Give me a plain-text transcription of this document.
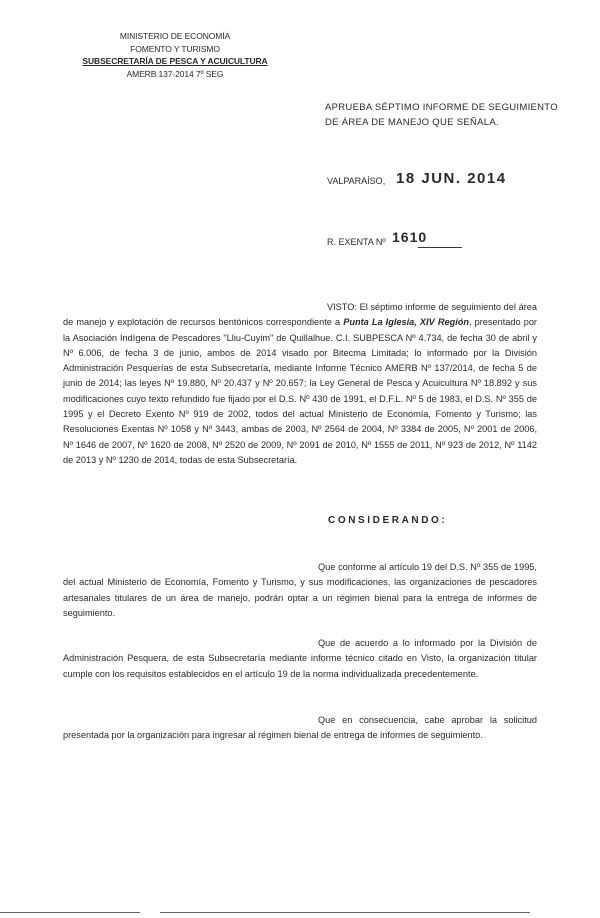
MINISTERIO DE ECONOMÍA
FOMENTO Y TURISMO
SUBSECRETARÍA DE PESCA Y ACUICULTURA
AMERB 137-2014 7º SEG
APRUEBA SÉPTIMO INFORME DE SEGUIMIENTO DE ÁREA DE MANEJO QUE SEÑALA.
VALPARAÍSO, 18 JUN. 2014
R. EXENTA Nº 1610
VISTO: El séptimo informe de seguimiento del área de manejo y explotación de recursos bentónicos correspondiente a Punta La Iglesia, XIV Región, presentado por la Asociación Indígena de Pescadores "Lliu-Cuyim" de Quillalhue. C.I. SUBPESCA Nº 4.734, de fecha 30 de abril y Nº 6.006, de fecha 3 de junio, ambos de 2014 visado por Bitecma Limitada; lo informado por la División Administración Pesquerías de esta Subsecretaría, mediante Informe Técnico AMERB Nº 137/2014, de fecha 5 de junio de 2014; las leyes Nº 19.880, Nº 20.437 y Nº 20.657; la Ley General de Pesca y Acuicultura Nº 18.892 y sus modificaciones cuyo texto refundido fue fijado por el D.S. Nº 430 de 1991, el D.F.L. Nº 5 de 1983, el D.S. Nº 355 de 1995 y el Decreto Exento Nº 919 de 2002, todos del actual Ministerio de Economía, Fomento y Turismo; las Resoluciones Exentas Nº 1058 y Nº 3443, ambas de 2003, Nº 2564 de 2004, Nº 3384 de 2005, Nº 2001 de 2006, Nº 1646 de 2007, Nº 1620 de 2008, Nº 2520 de 2009, Nº 2091 de 2010, Nº 1555 de 2011, Nº 923 de 2012, Nº 1142 de 2013 y Nº 1230 de 2014, todas de esta Subsecretaría.
CONSIDERANDO:
Que conforme al artículo 19 del D.S. Nº 355 de 1995, del actual Ministerio de Economía, Fomento y Turismo, y sus modificaciones, las organizaciones de pescadores artesanales titulares de un área de manejo, podrán optar a un régimen bienal para la entrega de informes de seguimiento.
Que de acuerdo a lo informado por la División de Administración Pesquera, de esta Subsecretaría mediante informe técnico citado en Visto, la organización titular cumple con los requisitos establecidos en el artículo 19 de la norma individualizada precedentemente.
Que en consecuencia, cabe aprobar la solicitud presentada por la organización para ingresar al régimen bienal de entrega de informes de seguimiento.
